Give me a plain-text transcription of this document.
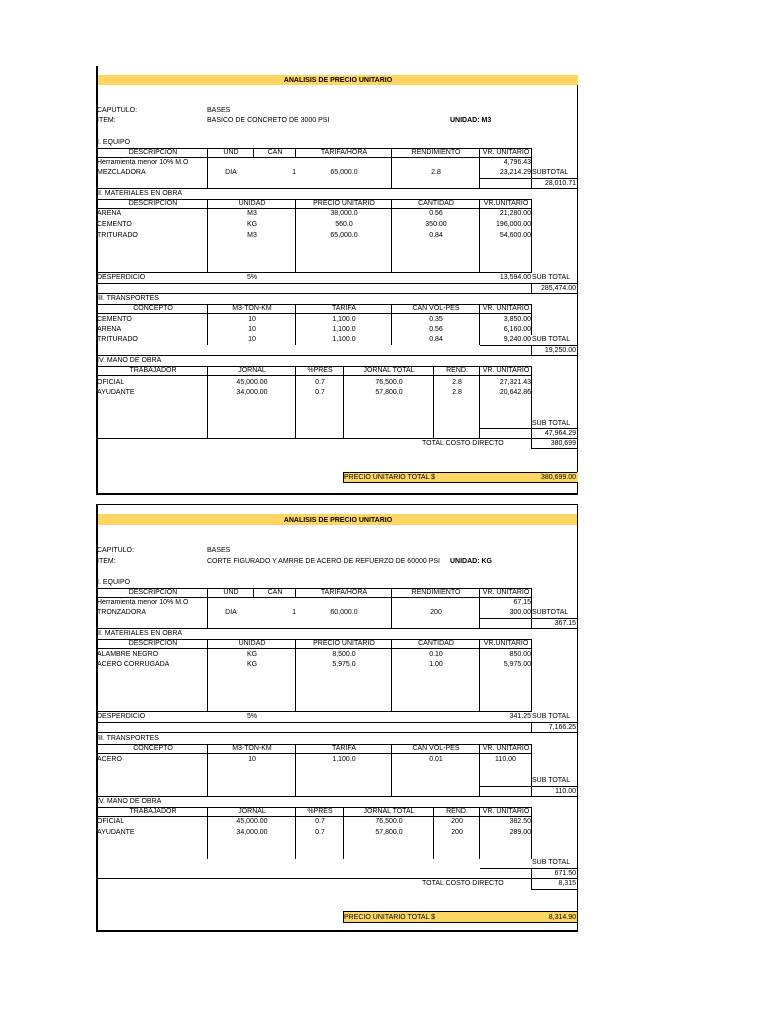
ANALISIS DE PRECIO UNITARIO
CAPUTULO:	BASES
ITEM:	BASICO DE CONCRETO DE 3000 PSI	UNIDAD: M3
I. EQUIPO
DESCRIPCION	UND	CAN	TARIFA/HORA	RENDIMIENTO	VR. UNITARIO
Herramienta menor 10% M.O	4,796.43
MEZCLADORA	DIA	1	65,000.0	2.8	23,214.29 SUBTOTAL
28,010.71
II. MATERIALES EN OBRA
DESCRIPCION	UNIDAD	PRECIO UNITARIO	CANTIDAD	VR.UNITARIO
ARENA	M3	38,000.0	0.56	21,280.00
CEMENTO	KG	560.0	350.00	196,000.00
TRITURADO	M3	65,000.0	0.84	54,600.00
DESPERDICIO	5%	13,594.00 SUB TOTAL
285,474.00
III. TRANSPORTES
CONCEPTO	M3-TON-KM	TARIFA	CAN VOL-PES	VR. UNITARIO
CEMENTO	10	1,100.0	0.35	3,850.00
ARENA	10	1,100.0	0.56	6,160.00
TRITURADO	10	1,100.0	0.84	9,240.00 SUB TOTAL
19,250.00
IV. MANO DE OBRA
TRABAJADOR	JORNAL	%PRES	JORNAL TOTAL	REND.	VR. UNITARIO
OFICIAL	45,000.00	0.7	76,500.0	2.8	27,321.43
AYUDANTE	34,000.00	0.7	57,800.0	2.8	20,642.86
SUB TOTAL
47,964.29
TOTAL COSTO DIRECTO	380,699
PRECIO UNITARIO TOTAL $	380,699.00
ANALISIS DE PRECIO UNITARIO
CAPITULO:	BASES
ITEM:	CORTE FIGURADO Y AMRRE DE ACERO DE REFUERZO DE 60000 PSI UNIDAD: KG
I. EQUIPO
DESCRIPCION	UND	CAN	TARIFA/HORA	RENDIMIENTO	VR. UNITARIO
Herramienta menor 10% M.O	67.15
TRONZADORA	DIA	1	60,000.0	200	300.00 SUBTOTAL
367.15
II. MATERIALES EN OBRA
DESCRIPCION	UNIDAD	PRECIO UNITARIO	CANTIDAD	VR.UNITARIO
ALAMBRE NEGRO	KG	8,500.0	0.10	850.00
ACERO CORRUGADA	KG	5,975.0	1.00	5,975.00
DESPERDICIO	5%	341.25 SUB TOTAL
7,166.25
III. TRANSPORTES
CONCEPTO	M3-TON-KM	TARIFA	CAN VOL-PES	VR. UNITARIO
ACERO	10	1,100.0	0.01	110.00
SUB TOTAL
110.00
IV. MANO DE OBRA
TRABAJADOR	JORNAL	%PRES	JORNAL TOTAL	REND.	VR. UNITARIO
OFICIAL	45,000.00	0.7	76,500.0	200	382.50
AYUDANTE	34,000.00	0.7	57,800.0	200	289.00
SUB TOTAL
671.50
TOTAL COSTO DIRECTO	8,315
PRECIO UNITARIO TOTAL $	8,314.90
